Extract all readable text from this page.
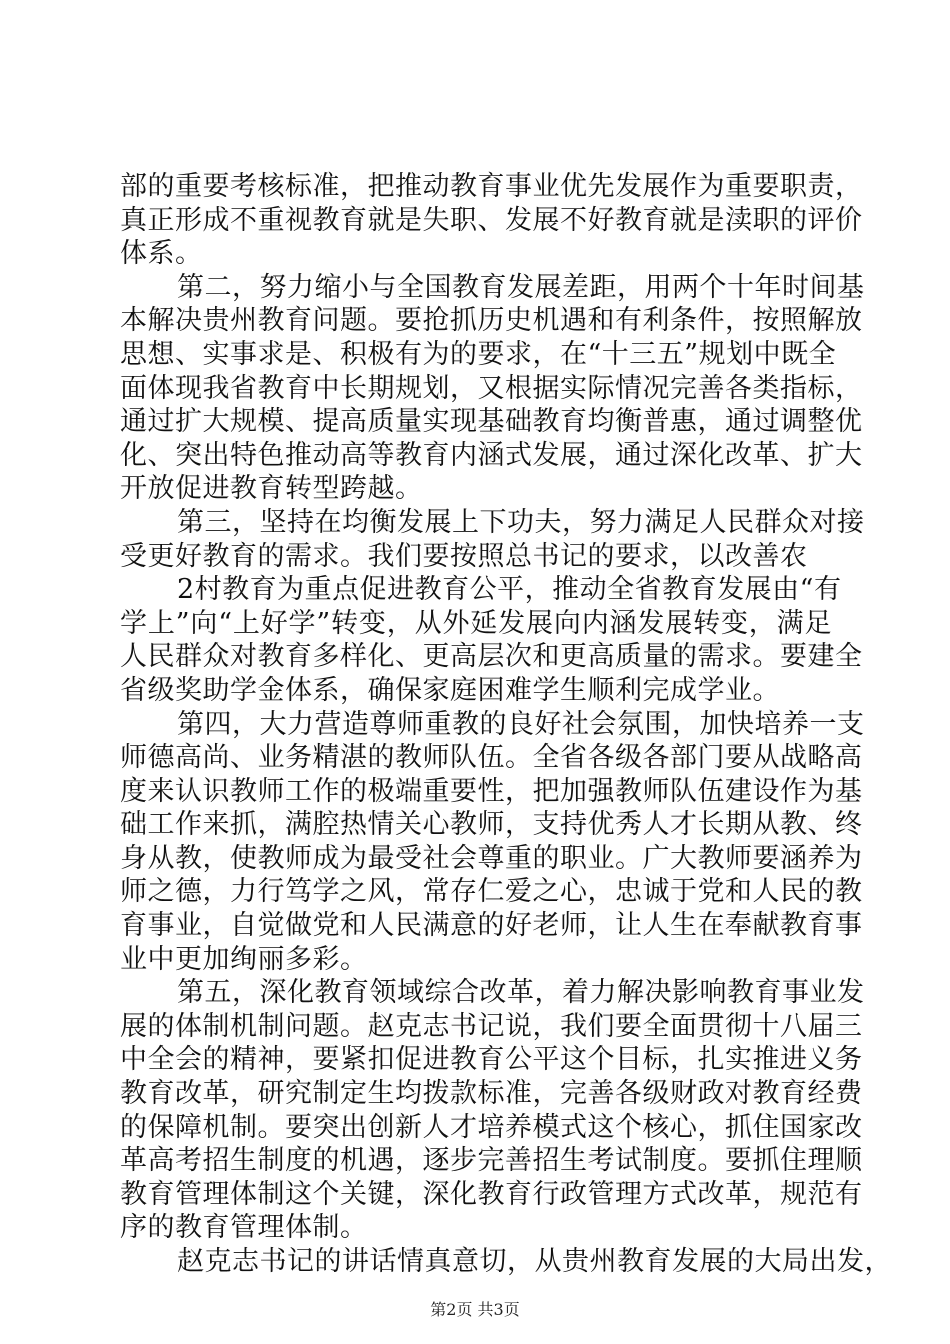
部的重要考核标准，把推动教育事业优先发展作为重要职责，
真正形成不重视教育就是失职、发展不好教育就是渎职的评价
体系。
第二，努力缩小与全国教育发展差距，用两个十年时间基
本解决贵州教育问题。要抢抓历史机遇和有利条件，按照解放
思想、实事求是、积极有为的要求，在“十三五”规划中既全
面体现我省教育中长期规划，又根据实际情况完善各类指标，
通过扩大规模、提高质量实现基础教育均衡普惠，通过调整优
化、突出特色推动高等教育内涵式发展，通过深化改革、扩大
开放促进教育转型跨越。
第三，坚持在均衡发展上下功夫，努力满足人民群众对接
受更好教育的需求。我们要按照总书记的要求，以改善农
2村教育为重点促进教育公平，推动全省教育发展由“有
学上”向“上好学”转变，从外延发展向内涵发展转变，满足
人民群众对教育多样化、更高层次和更高质量的需求。要建全
省级奖助学金体系，确保家庭困难学生顺利完成学业。
第四，大力营造尊师重教的良好社会氛围，加快培养一支
师德高尚、业务精湛的教师队伍。全省各级各部门要从战略高
度来认识教师工作的极端重要性，把加强教师队伍建设作为基
础工作来抓，满腔热情关心教师，支持优秀人才长期从教、终
身从教，使教师成为最受社会尊重的职业。广大教师要涵养为
师之德，力行笃学之风，常存仁爱之心，忠诚于党和人民的教
育事业，自觉做党和人民满意的好老师，让人生在奉献教育事
业中更加绚丽多彩。
第五，深化教育领域综合改革，着力解决影响教育事业发
展的体制机制问题。赵克志书记说，我们要全面贯彻十八届三
中全会的精神，要紧扣促进教育公平这个目标，扎实推进义务
教育改革，研究制定生均拨款标准，完善各级财政对教育经费
的保障机制。要突出创新人才培养模式这个核心，抓住国家改
革高考招生制度的机遇，逐步完善招生考试制度。要抓住理顺
教育管理体制这个关键，深化教育行政管理方式改革，规范有
序的教育管理体制。
赵克志书记的讲话情真意切，从贵州教育发展的大局出发，
第2页 共3页
